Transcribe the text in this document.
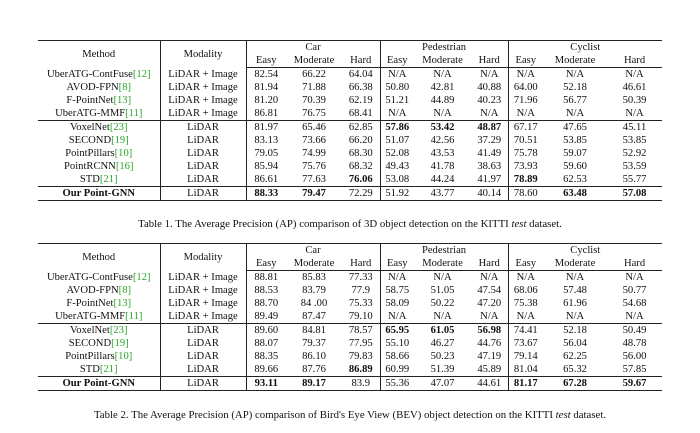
Method	Modality	Car			Pedestrian			Cyclist		
		Easy	Moderate	Hard	Easy	Moderate	Hard	Easy	Moderate	Hard
UberATG-ContFuse[12]	LiDAR + Image	82.54	66.22	64.04	N/A	N/A	N/A	N/A	N/A	N/A
AVOD-FPN[8]	LiDAR + Image	81.94	71.88	66.38	50.80	42.81	40.88	64.00	52.18	46.61
F-PointNet[13]	LiDAR + Image	81.20	70.39	62.19	51.21	44.89	40.23	71.96	56.77	50.39
UberATG-MMF[11]	LiDAR + Image	86.81	76.75	68.41	N/A	N/A	N/A	N/A	N/A	N/A
VoxelNet[23]	LiDAR	81.97	65.46	62.85	57.86	53.42	48.87	67.17	47.65	45.11
SECOND[19]	LiDAR	83.13	73.66	66.20	51.07	42.56	37.29	70.51	53.85	53.85
PointPillars[10]	LiDAR	79.05	74.99	68.30	52.08	43.53	41.49	75.78	59.07	52.92
PointRCNN[16]	LiDAR	85.94	75.76	68.32	49.43	41.78	38.63	73.93	59.60	53.59
STD[21]	LiDAR	86.61	77.63	76.06	53.08	44.24	41.97	78.89	62.53	55.77
Our Point-GNN	LiDAR	88.33	79.47	72.29	51.92	43.77	40.14	78.60	63.48	57.08
Table 1. The Average Precision (AP) comparison of 3D object detection on the KITTI test dataset.
Method	Modality	Car			Pedestrian			Cyclist		
		Easy	Moderate	Hard	Easy	Moderate	Hard	Easy	Moderate	Hard
UberATG-ContFuse[12]	LiDAR + Image	88.81	85.83	77.33	N/A	N/A	N/A	N/A	N/A	N/A
AVOD-FPN[8]	LiDAR + Image	88.53	83.79	77.9	58.75	51.05	47.54	68.06	57.48	50.77
F-PointNet[13]	LiDAR + Image	88.70	84 .00	75.33	58.09	50.22	47.20	75.38	61.96	54.68
UberATG-MMF[11]	LiDAR + Image	89.49	87.47	79.10	N/A	N/A	N/A	N/A	N/A	N/A
VoxelNet[23]	LiDAR	89.60	84.81	78.57	65.95	61.05	56.98	74.41	52.18	50.49
SECOND[19]	LiDAR	88.07	79.37	77.95	55.10	46.27	44.76	73.67	56.04	48.78
PointPillars[10]	LiDAR	88.35	86.10	79.83	58.66	50.23	47.19	79.14	62.25	56.00
STD[21]	LiDAR	89.66	87.76	86.89	60.99	51.39	45.89	81.04	65.32	57.85
Our Point-GNN	LiDAR	93.11	89.17	83.9	55.36	47.07	44.61	81.17	67.28	59.67
Table 2. The Average Precision (AP) comparison of Bird's Eye View (BEV) object detection on the KITTI test dataset.
